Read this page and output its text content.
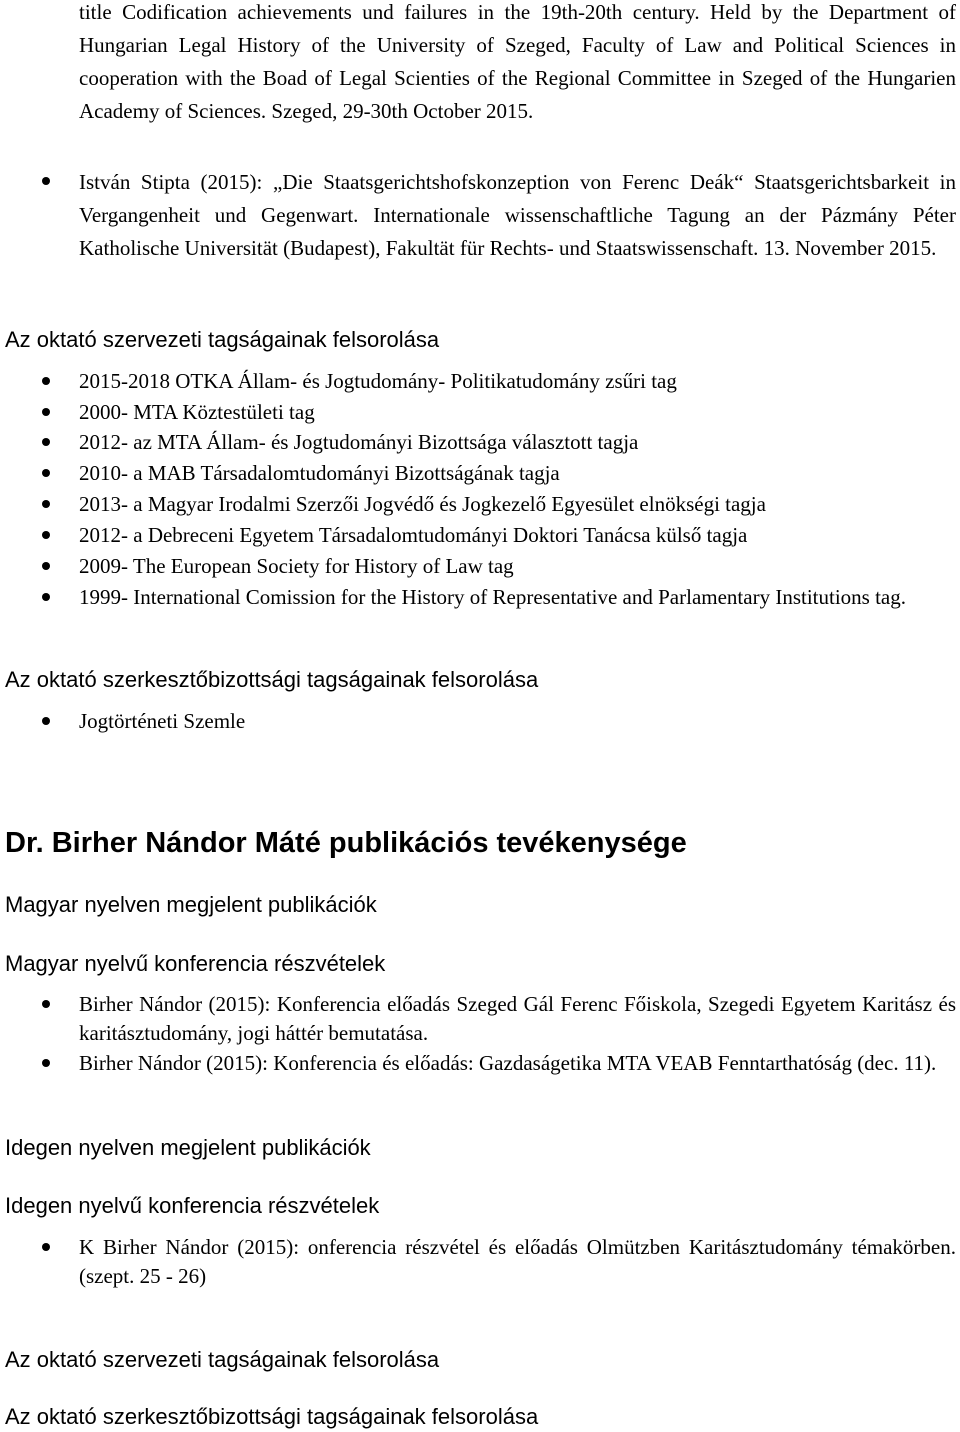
title Codification achievements und failures in the 19th-20th century. Held by the Department of Hungarian Legal History of the University of Szeged, Faculty of Law and Political Sciences in cooperation with the Boad of Legal Scienties of the Regional Committee in Szeged of the Hungarien Academy of Sciences. Szeged, 29-30th October 2015.

István Stipta (2015): „Die Staatsgerichtshofskonzeption von Ferenc Deák“ Staatsgerichtsbarkeit in Vergangenheit und Gegenwart. Internationale wissenschaftliche Tagung an der Pázmány Péter Katholische Universität (Budapest), Fakultät für Rechts- und Staatswissenschaft. 13. November 2015.

Az oktató szervezeti tagságainak felsorolása

2015-2018 OTKA Állam- és Jogtudomány- Politikatudomány zsűri tag

2000- MTA Köztestületi tag

2012- az MTA Állam- és Jogtudományi Bizottsága választott tagja

2010- a MAB Társadalomtudományi Bizottságának tagja

2013- a Magyar Irodalmi Szerzői Jogvédő és Jogkezelő Egyesület elnökségi tagja

2012- a Debreceni Egyetem Társadalomtudományi Doktori Tanácsa külső tagja

2009- The European Society for History of Law tag

1999- International Comission for the History of Representative and Parlamentary Institutions tag.

Az oktató szerkesztőbizottsági tagságainak felsorolása

Jogtörténeti Szemle

Dr. Birher Nándor Máté publikációs tevékenysége
Magyar nyelven megjelent publikációk
Magyar nyelvű konferencia részvételek

Birher Nándor (2015): Konferencia előadás Szeged Gál Ferenc Főiskola, Szegedi Egyetem Karitász és karitásztudomány, jogi háttér bemutatása.

Birher Nándor (2015): Konferencia és előadás: Gazdaságetika MTA VEAB Fenntarthatóság (dec. 11).

Idegen nyelven megjelent publikációk
Idegen nyelvű konferencia részvételek

K Birher Nándor (2015): onferencia részvétel és előadás Olmützben Karitásztudomány témakörben. (szept. 25 - 26)

Az oktató szervezeti tagságainak felsorolása
Az oktató szerkesztőbizottsági tagságainak felsorolása
